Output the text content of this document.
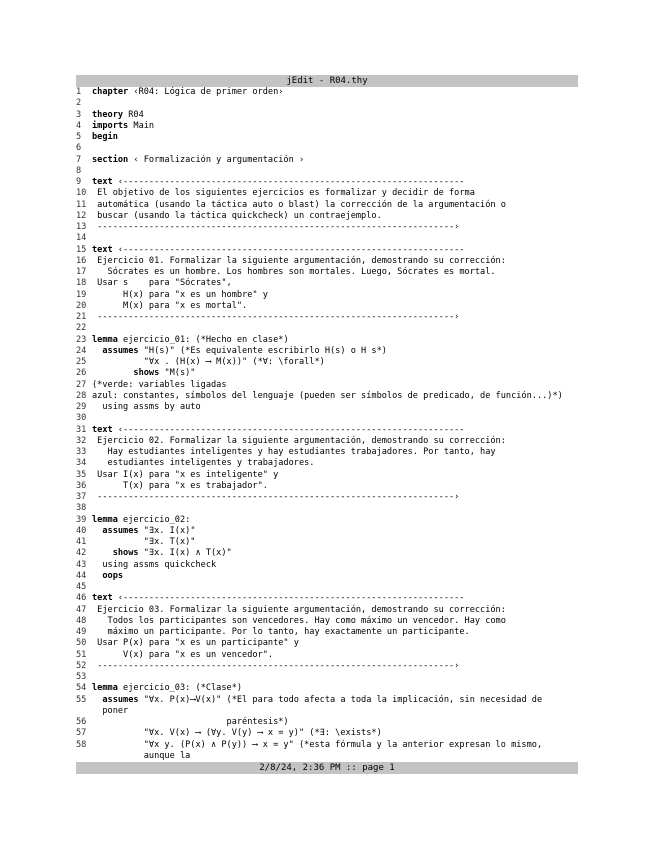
jEdit - R04.thy
1	chapter ‹R04: Lógica de primer orden›
2
3	theory R04
4	imports Main
5	begin
6
7	section ‹ Formalización y argumentación ›
8
9	text ‹------------------------------------------------------------------
10 El objetivo de los siguientes ejercicios es formalizar y decidir de forma
11 automática (usando la táctica auto o blast) la corrección de la argumentación o
12 buscar (usando la táctica quickcheck) un contraejemplo.
13 ---------------------------------------------------------------------›
14
15 text ‹------------------------------------------------------------------
16 Ejercicio 01. Formalizar la siguiente argumentación, demostrando su corrección:
17 Sócrates es un hombre. Los hombres son mortales. Luego, Sócrates es mortal.
18 Usar s    para "Sócrates",
19 H(x) para "x es un hombre" y
20 M(x) para "x es mortal".
21 ---------------------------------------------------------------------›
22
23 lemma ejercicio_01: (*Hecho en clase*)
24 assumes "H(s)" (*Es equivalente escribirlo H(s) o H s*)
25 "∀x . (H(x) ⟶ M(x))" (*∀: \forall*)
26 shows "M(s)"
27 (*verde: variables ligadas
28 azul: constantes, símbolos del lenguaje (pueden ser símbolos de predicado, de función...)*)
29 using assms by auto
30
31 text ‹------------------------------------------------------------------
32 Ejercicio 02. Formalizar la siguiente argumentación, demostrando su corrección:
33 Hay estudiantes inteligentes y hay estudiantes trabajadores. Por tanto, hay
34 estudiantes inteligentes y trabajadores.
35 Usar I(x) para "x es inteligente" y
36 T(x) para "x es trabajador".
37 ---------------------------------------------------------------------›
38
39 lemma ejercicio_02:
40 assumes "∃x. I(x)"
41 "∃x. T(x)"
42 shows "∃x. I(x) ∧ T(x)"
43 using assms quickcheck
44 oops
45
46 text ‹------------------------------------------------------------------
47 Ejercicio 03. Formalizar la siguiente argumentación, demostrando su corrección:
48 Todos los participantes son vencedores. Hay como máximo un vencedor. Hay como
49 máximo un participante. Por lo tanto, hay exactamente un participante.
50 Usar P(x) para "x es un participante" y
51 V(x) para "x es un vencedor".
52 ---------------------------------------------------------------------›
53
54 lemma ejercicio_03: (*Clase*)
55 assumes "∀x. P(x)⟶V(x)" (*El para todo afecta a toda la implicación, sin necesidad de
poner
56 paréntesis*)
57 "∀x. V(x) ⟶ (∀y. V(y) ⟶ x = y)" (*∃: \exists*)
58 "∀x y. (P(x) ∧ P(y)) ⟶ x = y" (*esta fórmula y la anterior expresan lo mismo,
aunque la
2/8/24, 2:36 PM :: page 1
